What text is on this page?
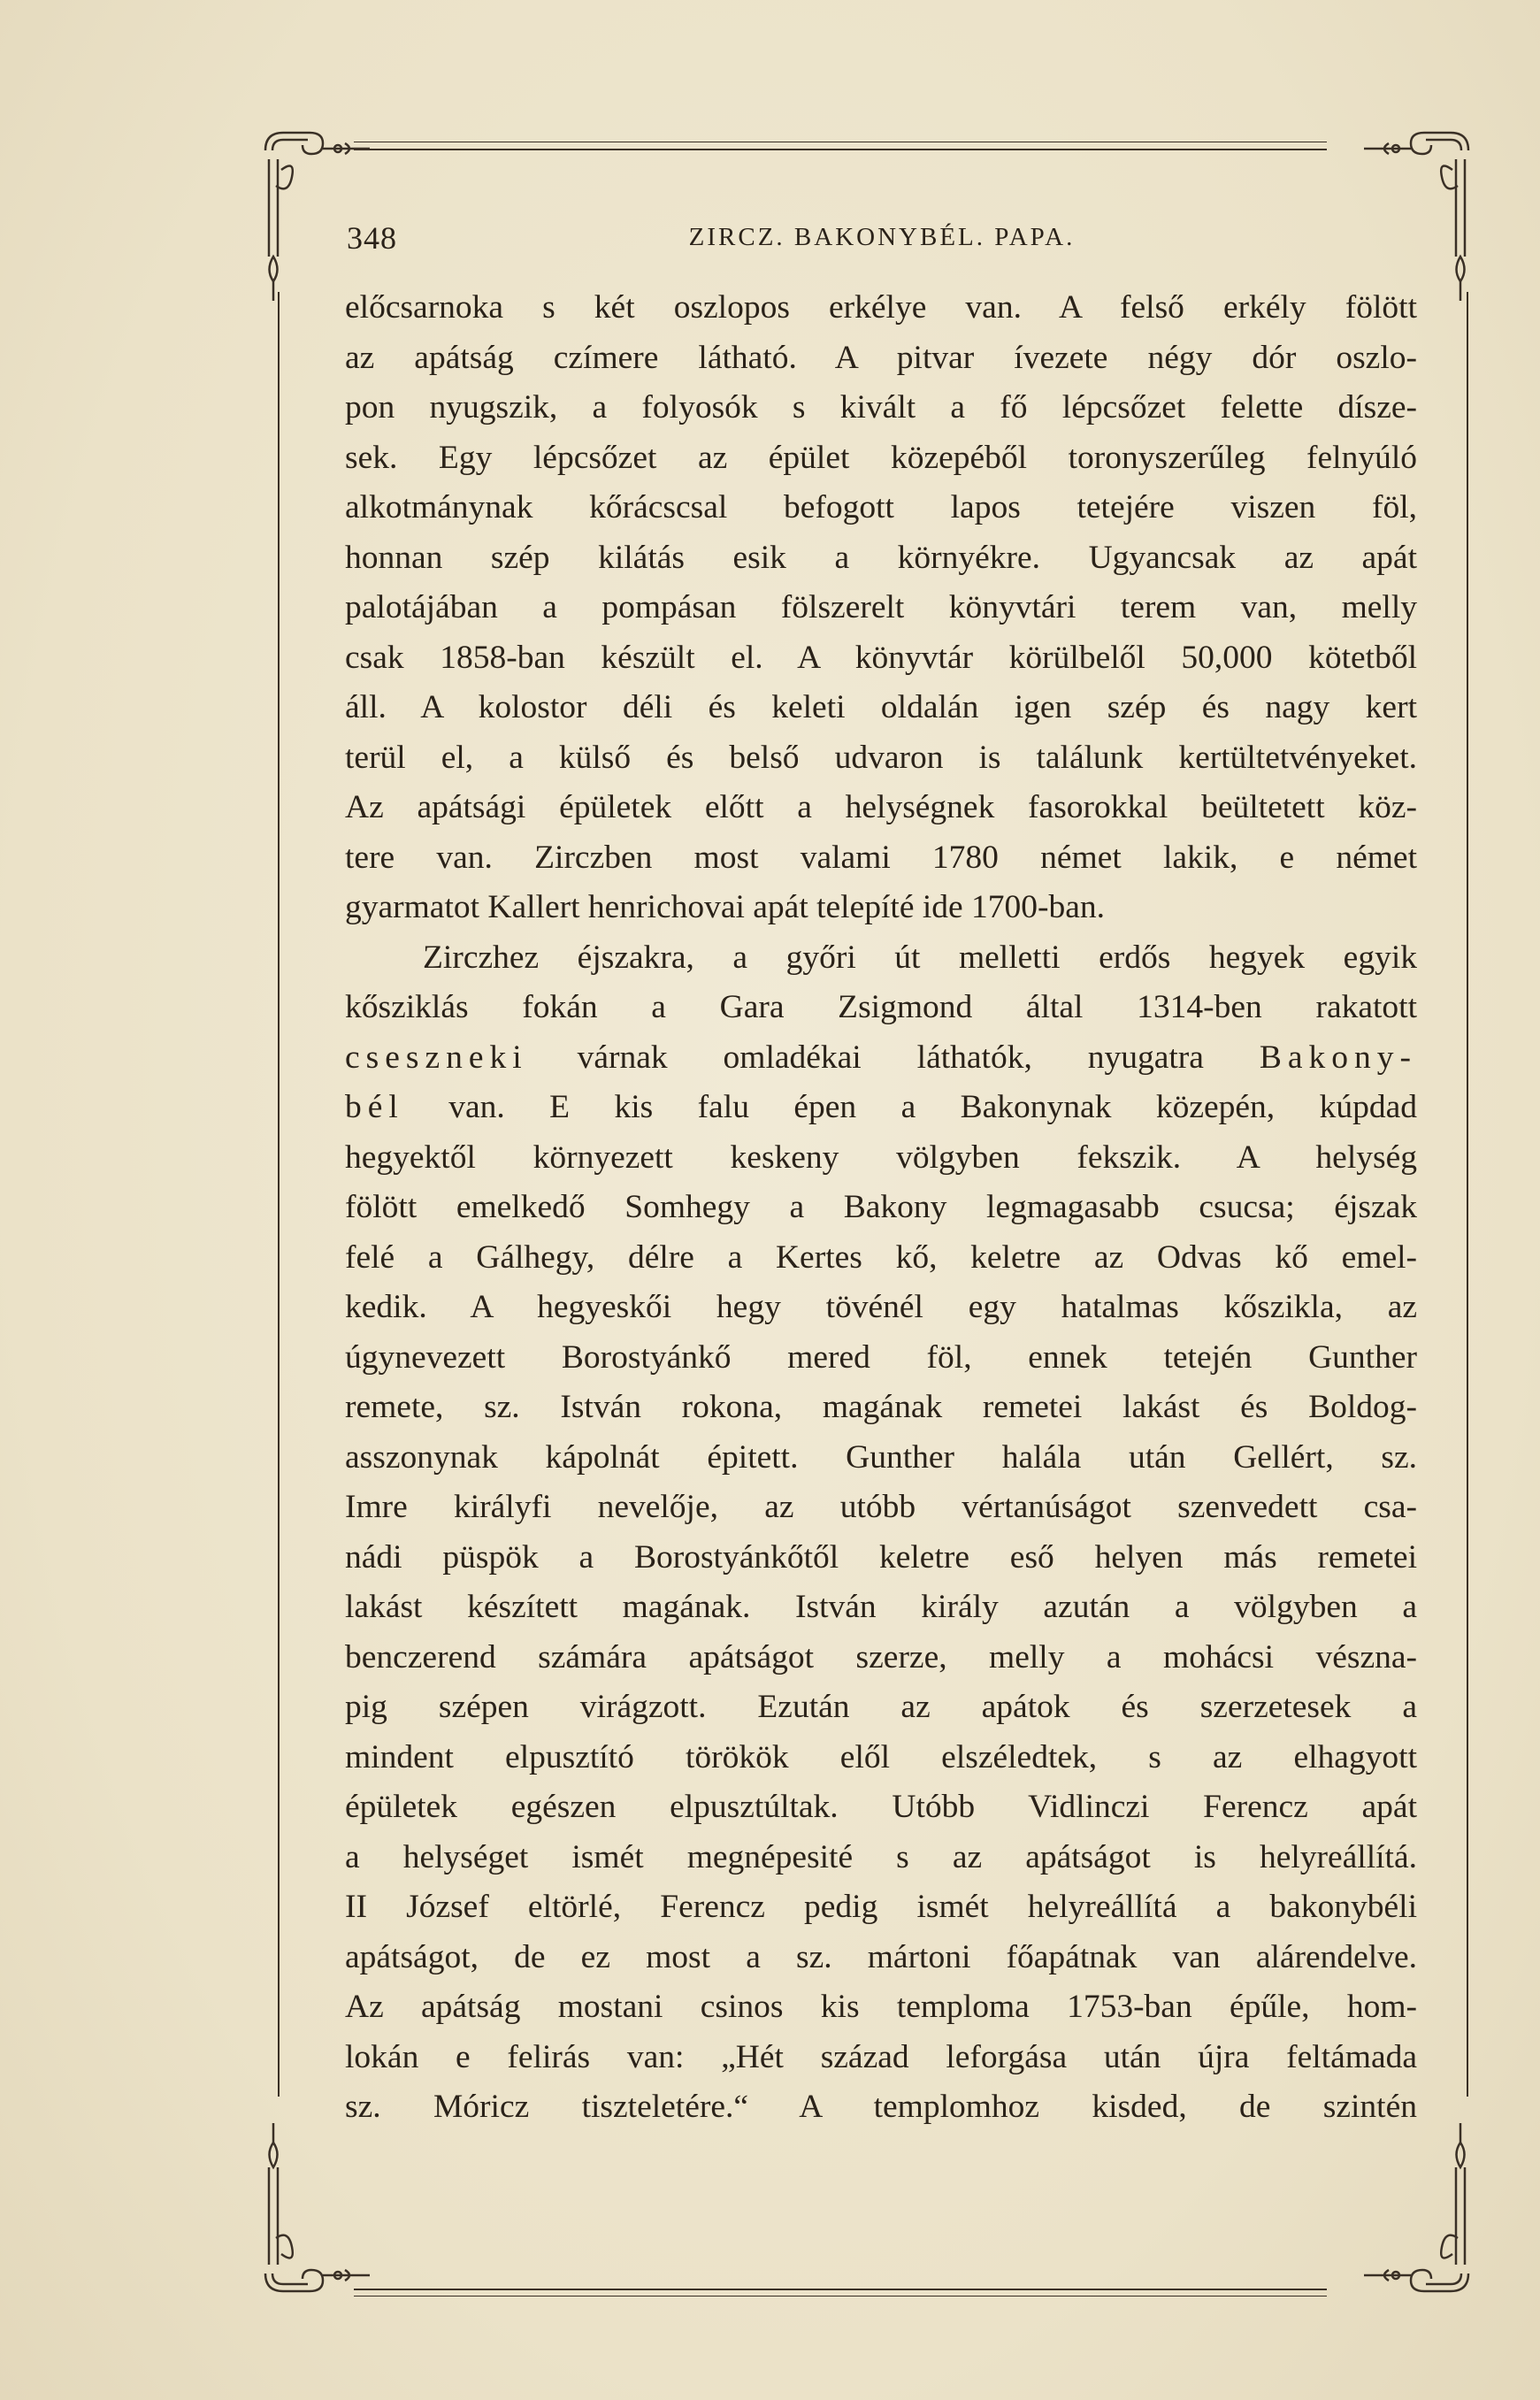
348	ZIRCZ. BAKONYBÉL. PAPA.
előcsarnoka s két oszlopos erkélye van. A felső erkély fölött
az apátság czímere látható. A pitvar ívezete négy dór oszlo-
pon nyugszik, a folyosók s kivált a fő lépcsőzet felette dísze-
sek. Egy lépcsőzet az épület közepéből toronyszerűleg felnyúló
alkotmánynak kőrácscsal befogott lapos tetejére viszen föl,
honnan szép kilátás esik a környékre. Ugyancsak az apát
palotájában a pompásan fölszerelt könyvtári terem van, melly
csak 1858-ban készült el. A könyvtár körülbelől 50,000 kötetből
áll. A kolostor déli és keleti oldalán igen szép és nagy kert
terül el, a külső és belső udvaron is találunk kertültetvényeket.
Az apátsági épületek előtt a helységnek fasorokkal beültetett köz-
tere van. Zirczben most valami 1780 német lakik, e német
gyarmatot Kallert henrichovai apát telepíté ide 1700-ban.
Zirczhez éjszakra, a győri út melletti erdős hegyek egyik
kősziklás fokán a Gara Zsigmond által 1314-ben rakatott
cseszneki várnak omladékai láthatók, nyugatra Bakony-
bél van. E kis falu épen a Bakonynak közepén, kúpdad
hegyektől környezett keskeny völgyben fekszik. A helység
fölött emelkedő Somhegy a Bakony legmagasabb csucsa; éjszak
felé a Gálhegy, délre a Kertes kő, keletre az Odvas kő emel-
kedik. A hegyeskői hegy tövénél egy hatalmas kőszikla, az
úgynevezett Borostyánkő mered föl, ennek tetején Gunther
remete, sz. István rokona, magának remetei lakást és Boldog-
asszonynak kápolnát épitett. Gunther halála után Gellért, sz.
Imre királyfi nevelője, az utóbb vértanúságot szenvedett csa-
nádi püspök a Borostyánkőtől keletre eső helyen más remetei
lakást készített magának. István király azután a völgyben a
benczerend számára apátságot szerze, melly a mohácsi vészna-
pig szépen virágzott. Ezután az apátok és szerzetesek a
mindent elpusztító törökök elől elszéledtek, s az elhagyott
épületek egészen elpusztúltak. Utóbb Vidlinczi Ferencz apát
a helységet ismét megnépesité s az apátságot is helyreállítá.
II József eltörlé, Ferencz pedig ismét helyreállítá a bakonybéli
apátságot, de ez most a sz. mártoni főapátnak van alárendelve.
Az apátság mostani csinos kis temploma 1753-ban épűle, hom-
lokán e felirás van: „Hét század leforgása után újra feltámada
sz. Móricz tiszteletére.“ A templomhoz kisded, de szintén
